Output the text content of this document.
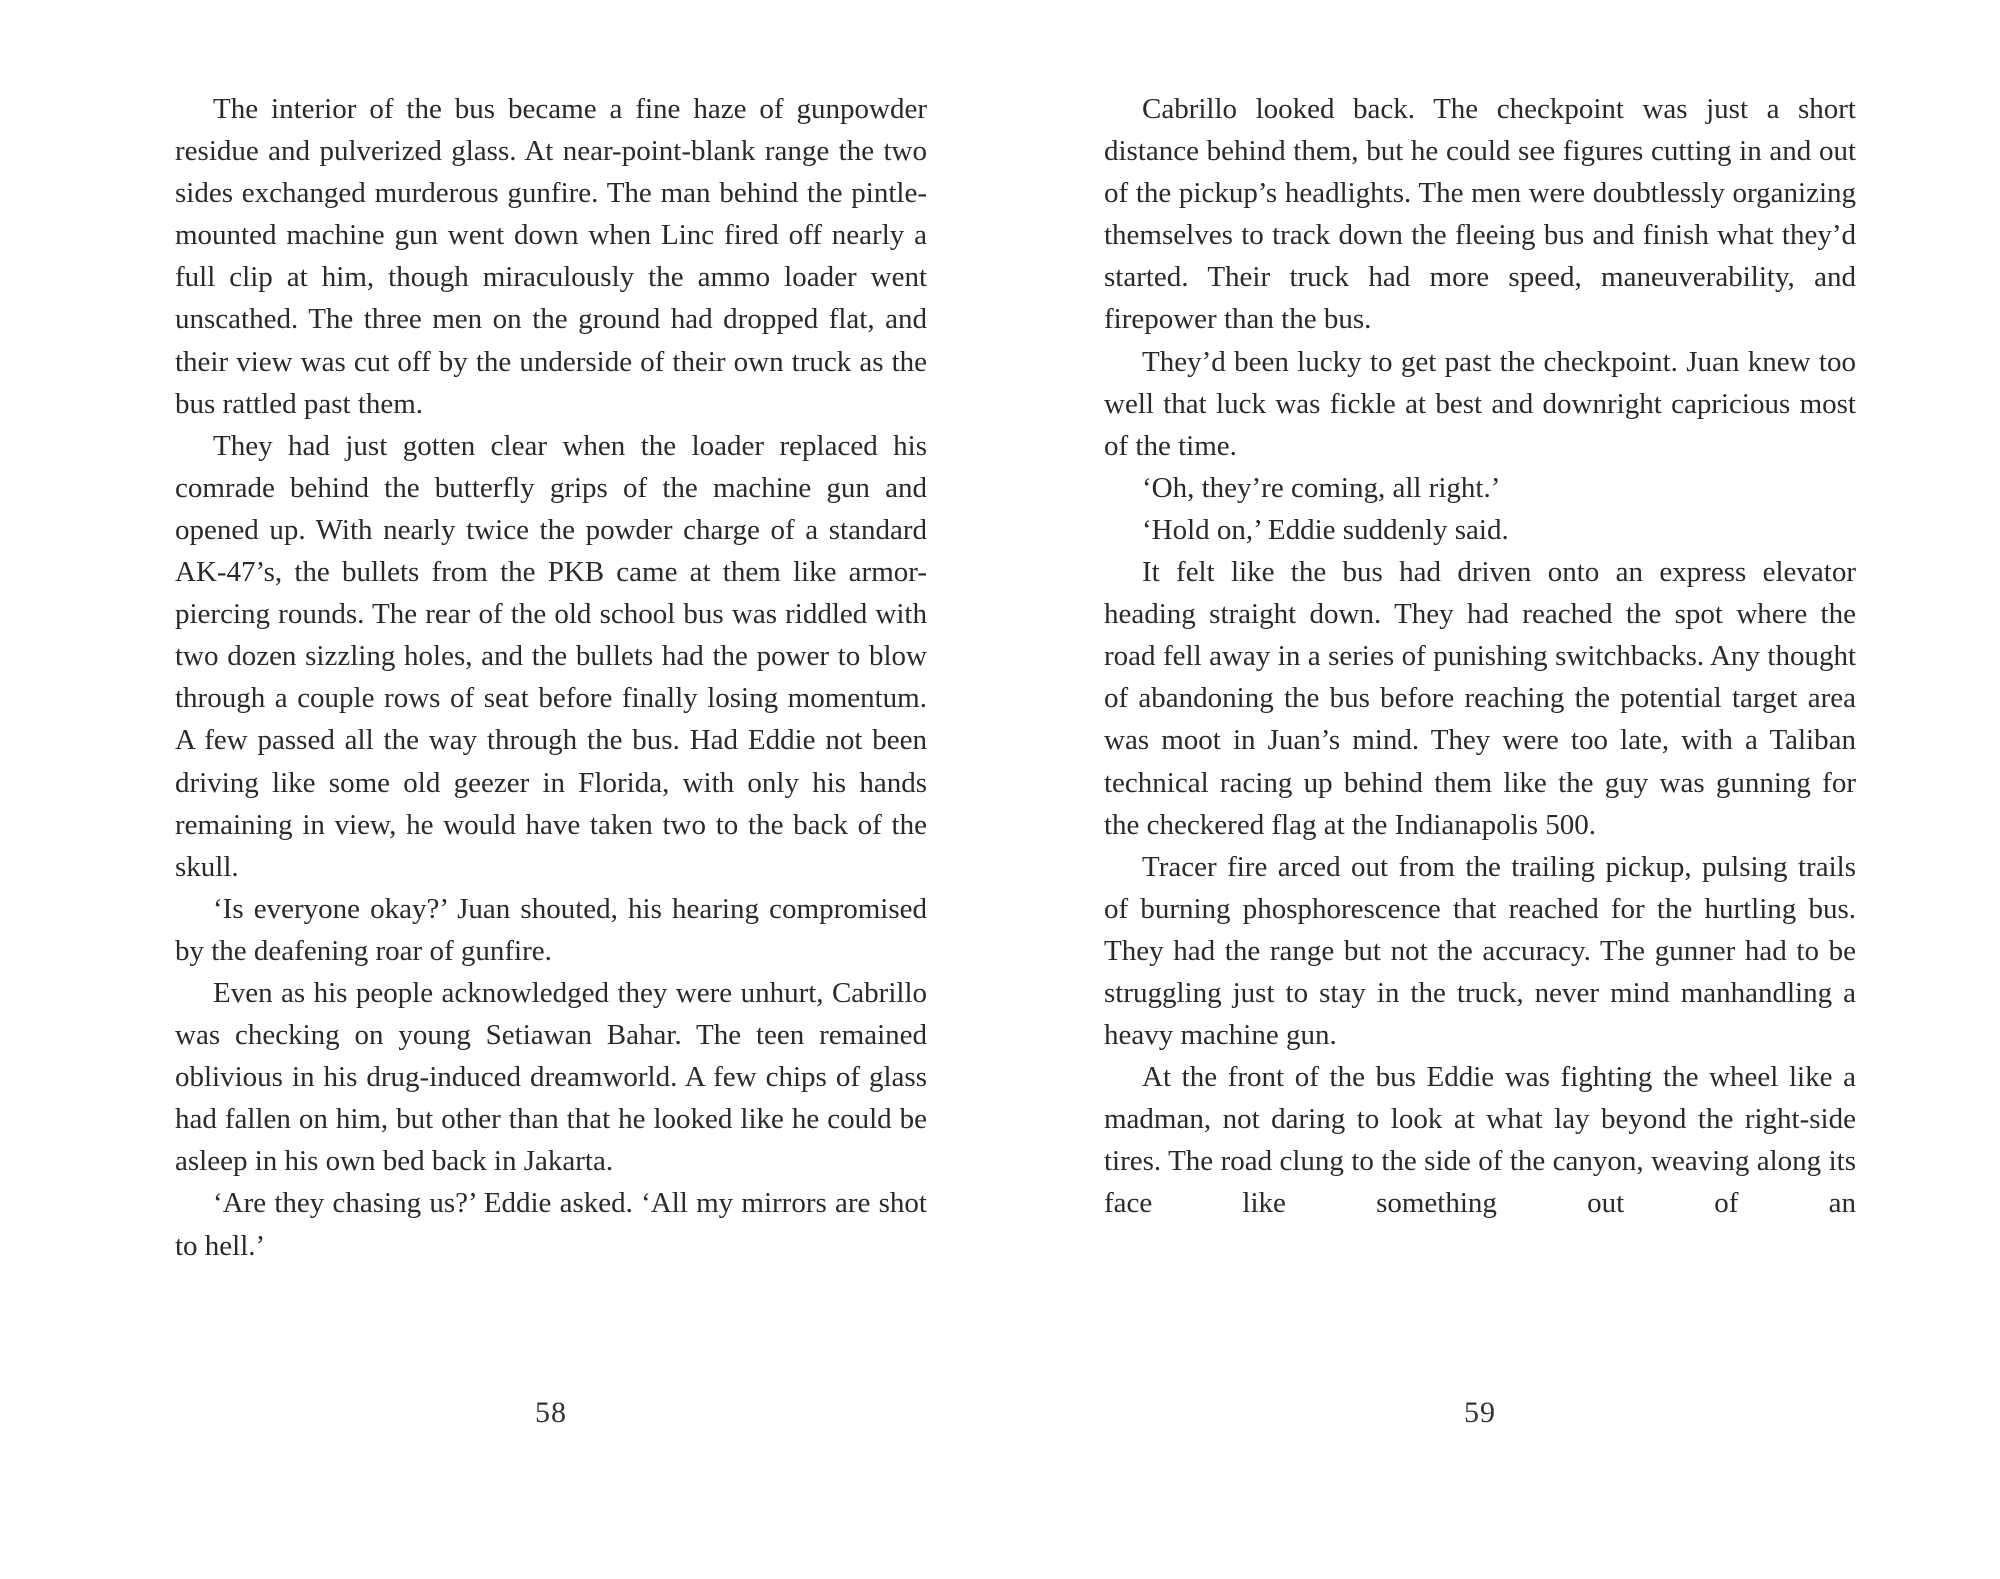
The interior of the bus became a fine haze of gunpowder residue and pulverized glass. At near-point-blank range the two sides exchanged murderous gunfire. The man behind the pintle-mounted machine gun went down when Linc fired off nearly a full clip at him, though miraculously the ammo loader went unscathed. The three men on the ground had dropped flat, and their view was cut off by the underside of their own truck as the bus rattled past them.

They had just gotten clear when the loader replaced his comrade behind the butterfly grips of the machine gun and opened up. With nearly twice the powder charge of a standard AK-47’s, the bullets from the PKB came at them like armor-piercing rounds. The rear of the old school bus was riddled with two dozen sizzling holes, and the bullets had the power to blow through a couple rows of seat before finally losing momentum. A few passed all the way through the bus. Had Eddie not been driving like some old geezer in Florida, with only his hands remaining in view, he would have taken two to the back of the skull.

‘Is everyone okay?’ Juan shouted, his hearing compromised by the deafening roar of gunfire.

Even as his people acknowledged they were unhurt, Cabrillo was checking on young Setiawan Bahar. The teen remained oblivious in his drug-induced dreamworld. A few chips of glass had fallen on him, but other than that he looked like he could be asleep in his own bed back in Jakarta.

‘Are they chasing us?’ Eddie asked. ‘All my mirrors are shot to hell.’

58

Cabrillo looked back. The checkpoint was just a short distance behind them, but he could see figures cutting in and out of the pickup’s headlights. The men were doubtlessly organizing themselves to track down the fleeing bus and finish what they’d started. Their truck had more speed, maneuverability, and firepower than the bus.

They’d been lucky to get past the checkpoint. Juan knew too well that luck was fickle at best and downright capricious most of the time.

‘Oh, they’re coming, all right.’

‘Hold on,’ Eddie suddenly said.

It felt like the bus had driven onto an express elevator heading straight down. They had reached the spot where the road fell away in a series of punishing switchbacks. Any thought of abandoning the bus before reaching the potential target area was moot in Juan’s mind. They were too late, with a Taliban technical racing up behind them like the guy was gunning for the checkered flag at the Indianapolis 500.

Tracer fire arced out from the trailing pickup, pulsing trails of burning phosphorescence that reached for the hurtling bus. They had the range but not the accuracy. The gunner had to be struggling just to stay in the truck, never mind manhandling a heavy machine gun.

At the front of the bus Eddie was fighting the wheel like a madman, not daring to look at what lay beyond the right-side tires. The road clung to the side of the canyon, weaving along its face like something out of an

59
